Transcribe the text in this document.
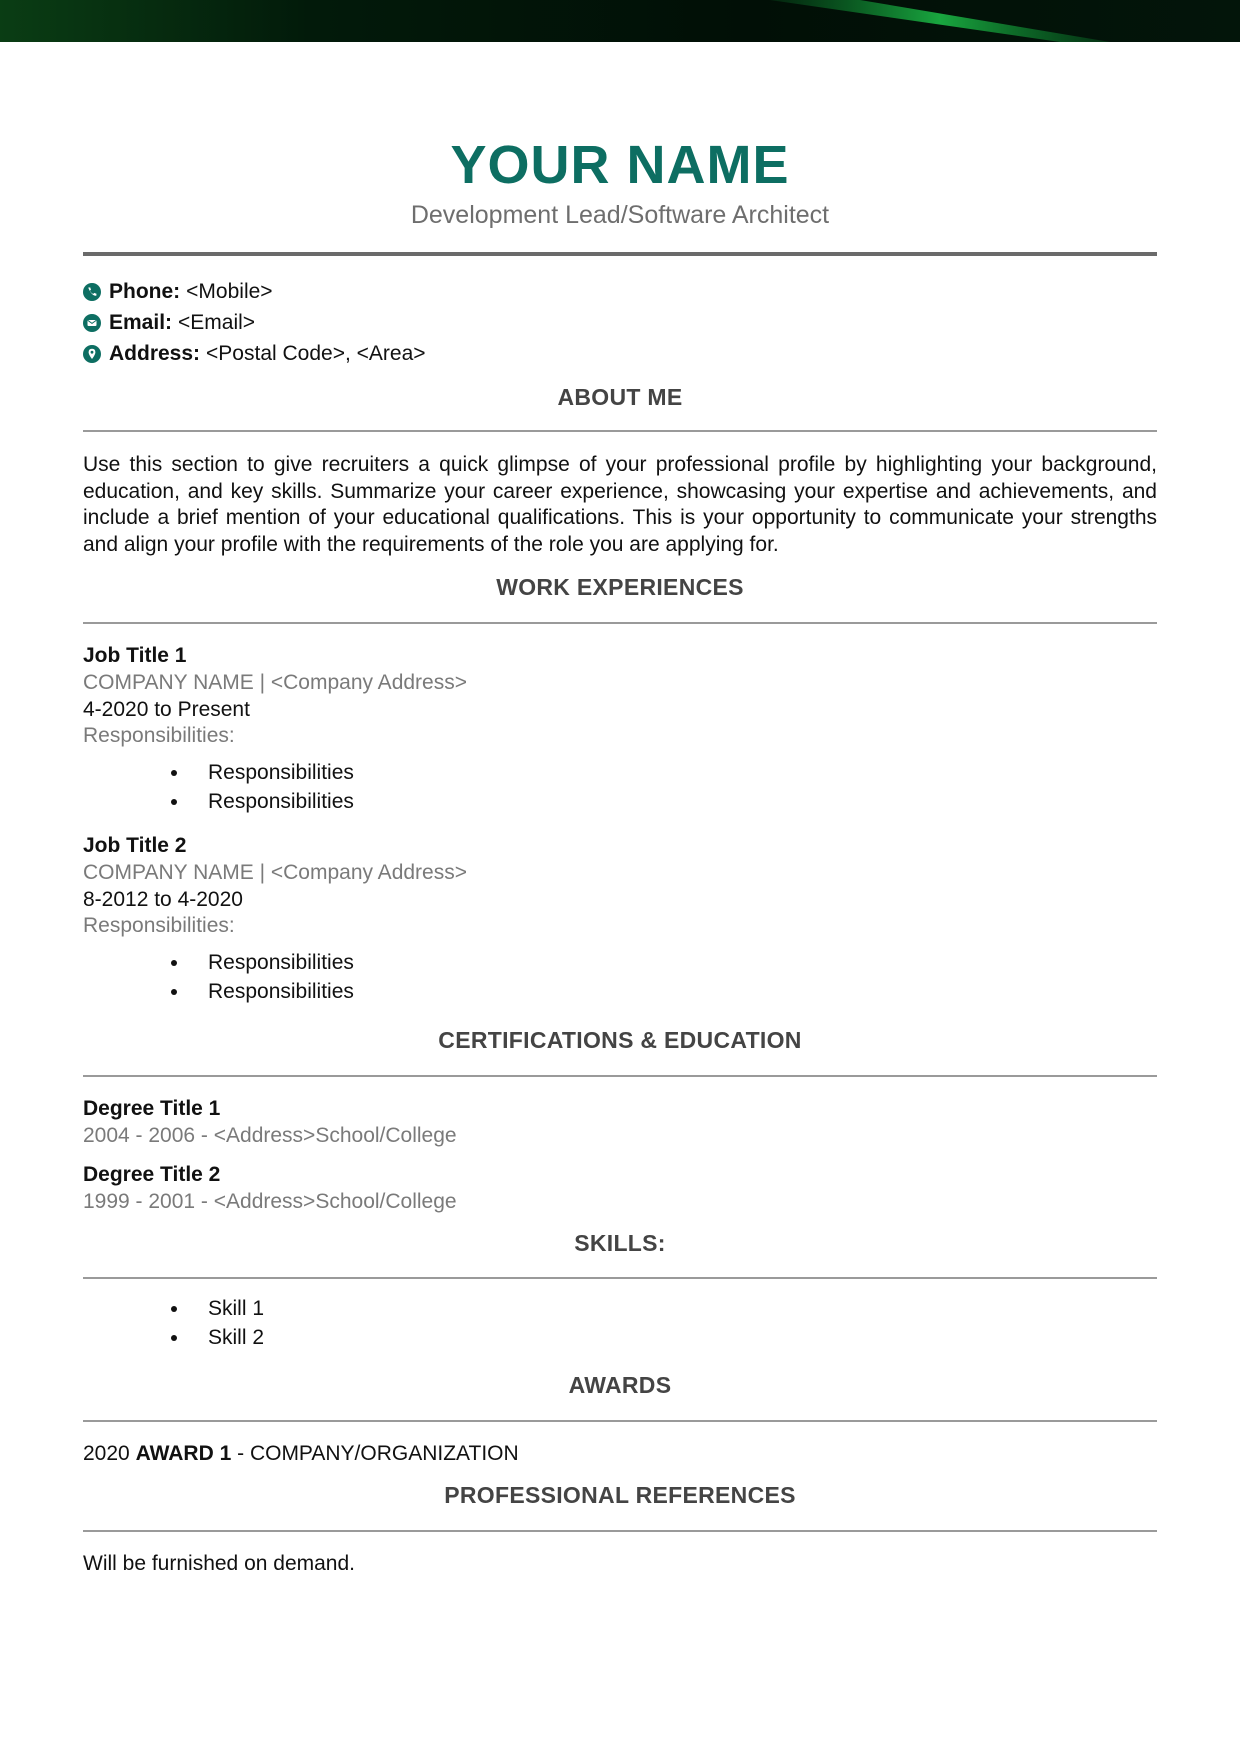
YOUR NAME
Development Lead/Software Architect
Phone: <Mobile>
Email: <Email>
Address: <Postal Code>, <Area>
ABOUT ME
Use this section to give recruiters a quick glimpse of your professional profile by highlighting your background, education, and key skills. Summarize your career experience, showcasing your expertise and achievements, and include a brief mention of your educational qualifications. This is your opportunity to communicate your strengths and align your profile with the requirements of the role you are applying for.
WORK EXPERIENCES
Job Title 1
COMPANY NAME | <Company Address>
4-2020 to Present
Responsibilities:
Responsibilities
Responsibilities
Job Title 2
COMPANY NAME | <Company Address>
8-2012 to 4-2020
Responsibilities:
Responsibilities
Responsibilities
CERTIFICATIONS & EDUCATION
Degree Title 1
2004 - 2006 - <Address>School/College
Degree Title 2
1999 - 2001 - <Address>School/College
SKILLS:
Skill 1
Skill 2
AWARDS
2020 AWARD 1 - COMPANY/ORGANIZATION
PROFESSIONAL REFERENCES
Will be furnished on demand.
